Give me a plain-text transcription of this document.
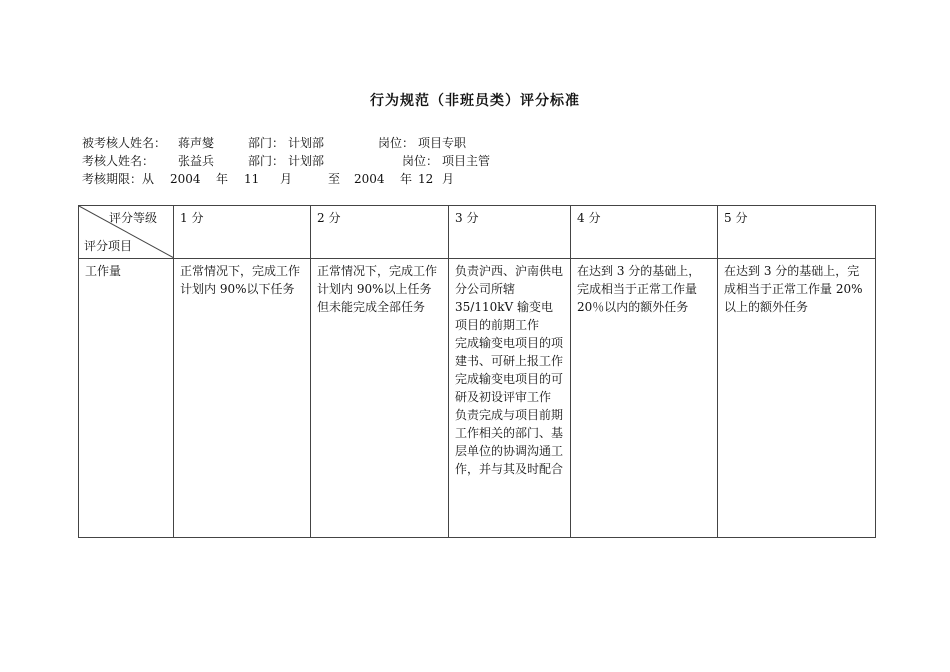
行为规范（非班员类）评分标准
被考核人姓名： 蒋声燮	部门： 计划部	岗位： 项目专职
考核人姓名： 张益兵	部门： 计划部	岗位： 项目主管
考核期限：从 2004 年 11 月	至 2004 年 12 月
评分等级
评分项目	1 分	2 分	3 分	4 分	5 分
工作量	正常情况下，完成工作计划内 90%以下任务	正常情况下，完成工作计划内 90%以上任务但未能完成全部任务	负责沪西、沪南供电分公司所辖 35/110kV 输变电项目的前期工作
完成输变电项目的项建书、可研上报工作
完成输变电项目的可研及初设评审工作
负责完成与项目前期工作相关的部门、基层单位的协调沟通工作，并与其及时配合	在达到 3 分的基础上，完成相当于正常工作量 20％以内的额外任务	在达到 3 分的基础上，完成相当于正常工作量 20%以上的额外任务
